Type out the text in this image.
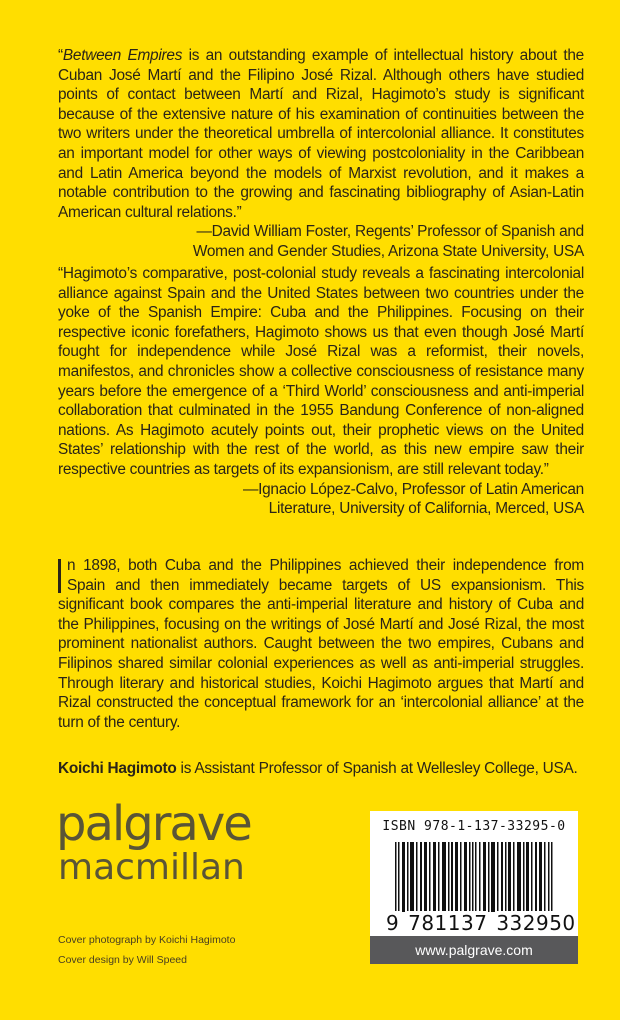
“Between Empires is an outstanding example of intellectual history about the Cuban José Martí and the Filipino José Rizal. Although others have studied points of contact between Martí and Rizal, Hagimoto’s study is significant because of the extensive nature of his examination of continuities between the two writers under the theoretical umbrella of intercolonial alliance. It constitutes an important model for other ways of viewing postcoloniality in the Caribbean and Latin America beyond the models of Marxist revolution, and it makes a notable contribution to the growing and fascinating bibliography of Asian-Latin American cultural relations.”

—David William Foster, Regents’ Professor of Spanish and
Women and Gender Studies, Arizona State University, USA

“Hagimoto’s comparative, post-colonial study reveals a fascinating intercolonial alliance against Spain and the United States between two countries under the yoke of the Spanish Empire: Cuba and the Philippines. Focusing on their respective iconic forefathers, Hagimoto shows us that even though José Martí fought for independence while José Rizal was a reformist, their novels, manifestos, and chronicles show a collective consciousness of resistance many years before the emergence of a ‘Third World’ consciousness and anti-imperial collaboration that culminated in the 1955 Bandung Conference of non-aligned nations. As Hagimoto acutely points out, their prophetic views on the United States’ relationship with the rest of the world, as this new empire saw their respective countries as targets of its expansionism, are still relevant today.”

—Ignacio López-Calvo, Professor of Latin American
Literature, University of California, Merced, USA

n 1898, both Cuba and the Philippines achieved their independence from Spain and then immediately became targets of US expansionism. This significant book compares the anti-imperial literature and history of Cuba and the Philippines, focusing on the writings of José Martí and José Rizal, the most prominent nationalist authors. Caught between the two empires, Cubans and Filipinos shared similar colonial experiences as well as anti-imperial struggles. Through literary and historical studies, Koichi Hagimoto argues that Martí and Rizal constructed the conceptual framework for an ‘intercolonial alliance’ at the turn of the century.

Koichi Hagimoto is Assistant Professor of Spanish at Wellesley College, USA.

palgrave
macmillan
Cover photograph by Koichi Hagimoto
Cover design by Will Speed
ISBN 978-1-137-33295-0
9 781137 332950
www.palgrave.com
